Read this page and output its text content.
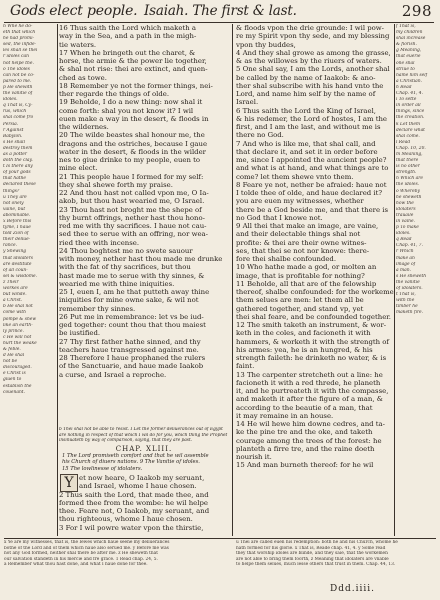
Gods elect people. Isaiah. The first & last.	298
n Whẽ he do-
eth that which
he had promi-
sed, the infide-
les shall se thei
r idoles can
not helpe thẽ.
o The idoles
can not be cõ-
pared to me.
p He shewith
the vanitie of
idoles.
q That is, Cy-
rus, which
shal come frõ
Persia.
r Against
Babylon.
s He shall
destroy them
as a potter
doth the clay.
t Is there any
of your gods
that hathe
declared these
things?
u They are
not onely
vaine, but
abominable.
x Before this
tyme, I haue
told Zion of
their deliue-
rance.
y Shewing
that idolaters
are destitute
of all coun-
sel & wisdome.
z Their
workes are
but winde.
a Christ.
b He shal not
come with
pompe & shew
like an earth-
ly prince.
c He will not
hurt the weake
& feble.
d He shal
not be
discouraged.
e Christ is
giuen to
establish the
couenant.
16 Thus saith the Lord which maketh a
way in the Sea, and a path in the migh-
tie waters.
17 When he bringeth out the charet, &
horse, the armie & the power lie together,
& shal not rise: thei are extinct, and quen-
ched as towe.
18 Remember ye not the former things, nei-
ther regarde the things of olde.
19 Beholde, I do a new thing: now shal it
come forth: shal you not know it? I wil
euen make a way in the desert, & floods in
the wildernes.
20 The wilde beastes shal honour me, the
dragons and the ostriches, because I gaue
water in the desert, & floods in the wilder
nes to giue drinke to my people, euen to
mine elect.
21 This people haue I formed for my self:
they shal shewe forth my praise.
22 And thou hast not called vpon me, O Ia-
akob, but thou hast wearied me, O Israel.
23 Thou hast not broght me the shepe of
thy burnt offrings, nether hast thou hono-
red me with thy sacrifices. I haue not cau-
sed thee to serue with an offring, nor wea-
ried thee with incense.
24 Thou boghtest me no swete sauour
with money, nether hast thou made me drunke
with the fat of thy sacrifices, but thou
hast made me to serue with thy sinnes, &
wearied me with thine iniquities.
25 I, euen I, am he that putteth away thine
iniquities for mine owne sake, & wil not
remember thy sinnes.
26 Put me in remembrance: let vs be iud-
ged together: count thou that thou maiest
be iustified.
27 Thy first father hathe sinned, and thy
teachers haue transgressed against me.
28 Therefore I haue prophaned the rulers
of the Sanctuarie, and haue made Iaakob
a curse, and Israel a reproche.
& floods vpon the drie grounde: I wil pow-
re my Spirit vpon thy sede, and my blessing
vpon thy buddes,
4 And they shal growe as among the grasse,
& as the willowes by the riuers of waters.
5 One shal say, I am the Lords, another shal
be called by the name of Iaakob: & ano-
ther shal subscribe with his hand vnto the
Lord, and name him self by the name of
Israel.
6 Thus saith the Lord the King of Israel,
& his redemer, the Lord of hostes, I am the
first, and I am the last, and without me is
there no God.
7 And who is like me, that shal call, and
that declare it, and set it in order before
me, since I appointed the auncient people?
and what is at hand, and what things are to
come? let them shewe vnto them.
8 Feare ye not, nether be afraied: haue not
I tolde thee of olde, and haue declared it?
you are euen my witnesses, whether
there be a God beside me, and that there is
no God that I knowe not.
9 All thei that make an image, are vaine,
and their delectable things shal not
profite: & thei are their owne witnes-
ses, that thei se not nor knowe: there-
fore thei shalbe confounded.
10 Who hathe made a god, or molten an
image, that is profitable for nothing?
11 Beholde, all that are of the felowship
thereof, shalbe confounded: for the workeme
them selues are men: let them all be
gathered together, and stand vp, yet
thei shal feare, and be confounded together.
12 The smith taketh an instrument, & wor-
keth in the coles, and facioneth it with
hammers, & worketh it with the strength of
his armes: yea, he is an hungred, & his
strength faileth: he drinketh no water, & is
faint.
13 The carpenter stretcheth out a line: he
facioneth it with a red threde, he planeth
it, and he purtreateth it with the compasse,
and maketh it after the figure of a man, &
according to the beautie of a man, that
it may remaine in an house.
14 He wil hewe him downe cedres, and ta-
ke the pine tre and the oke, and taketh
courage among the trees of the forest: he
planteth a firre tre, and the raine doeth
nourish it.
15 And man burneth thereof: for he wil
f That is,
my children
shal increase
& florish.
g Meaning,
that euerie
one shal
striue to
name him self
a Christian.
h Read
Chap. 41, 4.
i To sette
in order all
things, since
the creation.
k Let them
declare what
shal come.
l Read
Chap. 10, 20.
m Meaning,
that there
is no other
strength.
n Which are
the idoles.
o Whereby
he sheweth
how the
idolaters
trauaile
in vaine.
p To make
idoles.
q Read
Chap. 41, 7.
r Which
make an
image of
a man.
s He sheweth
the vanitie
of idolaters.
t That is,
with the
timber he
maketh fire.
CHAP. XLIII.
1 The Lord promiseth comfort and that he wil assemble
his Church of diuers nations. 9 The Vanitie of idoles.
15 The lowlinesse of idolaters.
Y et now heare, O Iaakob my seruant,
and Israel, whome I haue chosen.
2 Thus saith the Lord, that made thee, and
formed thee from the wombe: he wil helpe
thee. Feare not, O Iaakob, my seruant, and
thou righteous, whome I haue chosen.
3 For I wil powre water vpon the thirstie,
x Ye are my witnesses, that is, the Iewes which haue seene my deliuerances
bothe of the Lord and of them which haue also serued me. y Before me was
not any God formed, neither shal there be after me. z He sheweth that
our salvation standeth in his mercie and fre grace. 1 Read chap. 24, 5.
a Remember what thou hast done, and what I haue done for thee.
u Thei are called euen his redemption: both he and his Church, whome he
hath formed for his glorie. x That is, Reade chap. 41, 4. y Some read
they that worship idoles are blinde, and they saie, that the workemen
are not able to bring them foorth, z Meaning that idolaters are vnable
to helpe them selues, much lesse others that trust in them. Chap. 44, 13.
Ddd.iiii.
b Thei shal not be able to resist. I Let the former deliuerances out of Egypt
are nothing in respect of that which I wil do for you, which thing the Prophet
insinuateth by way of comparison, saying, that they are past.
